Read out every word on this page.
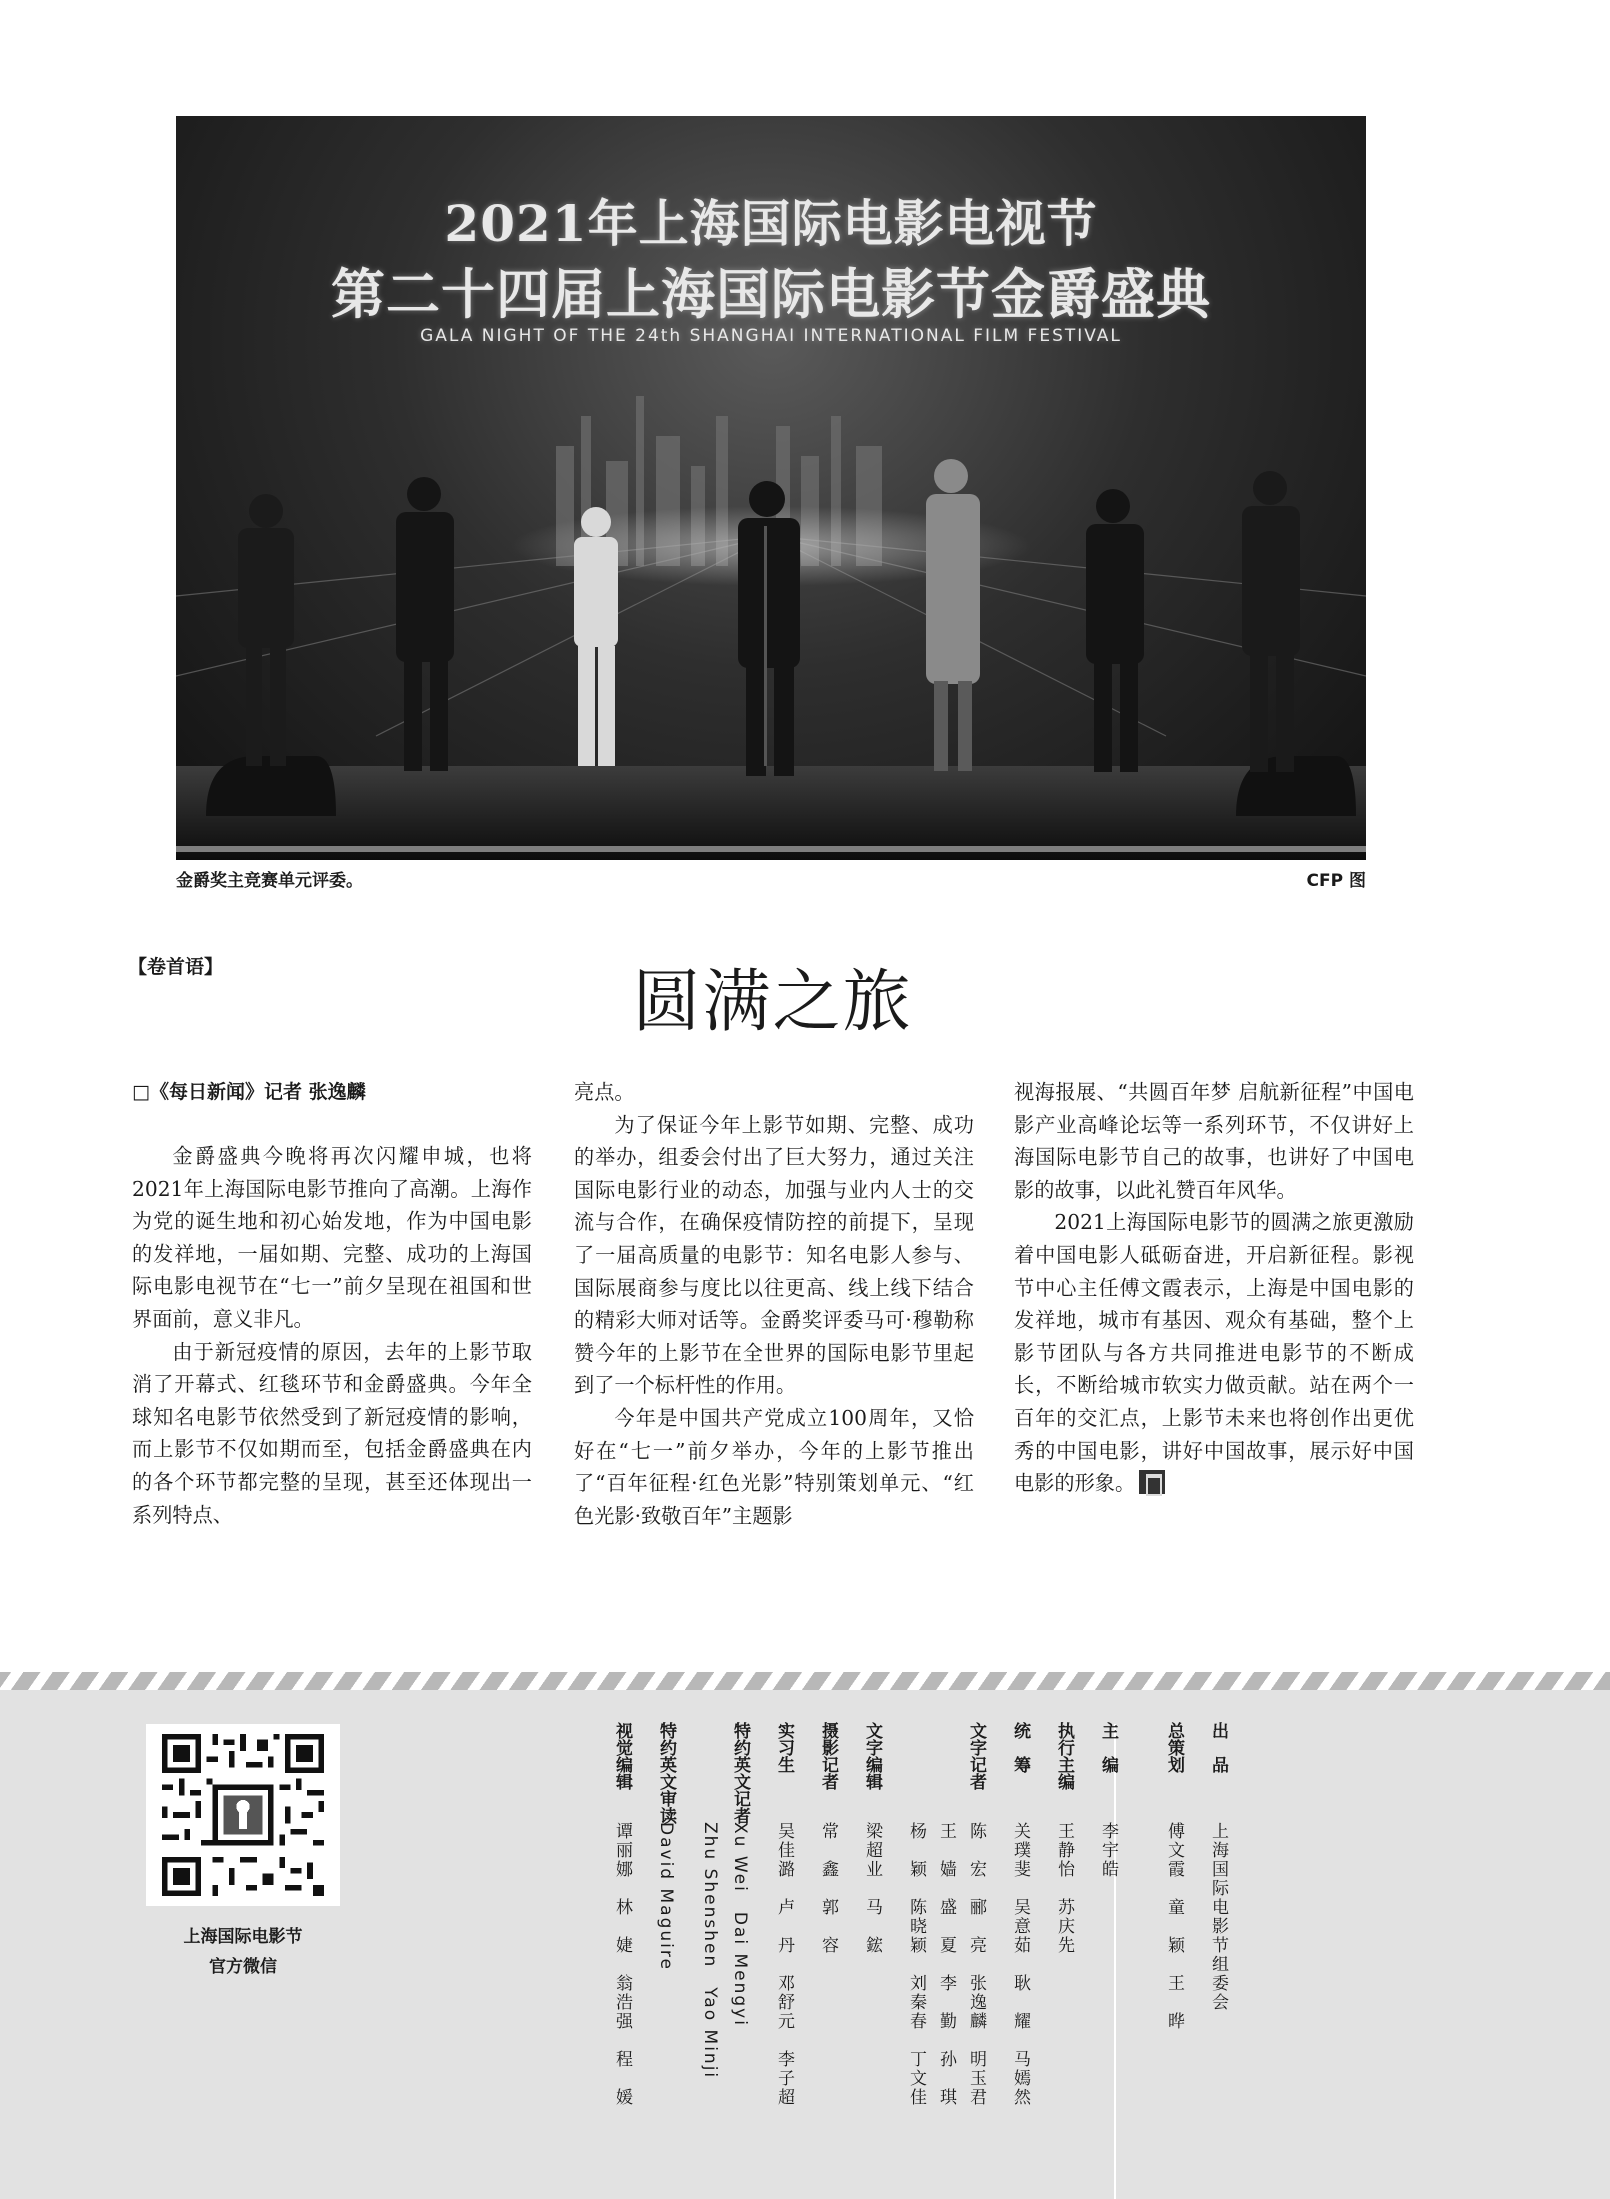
2021年上海国际电影电视节
第二十四届上海国际电影节金爵盛典
GALA NIGHT OF THE 24th SHANGHAI INTERNATIONAL FILM FESTIVAL
金爵奖主竞赛单元评委。	CFP 图
【卷首语】	圆满之旅
□《每日新闻》记者 张逸麟

金爵盛典今晚将再次闪耀申城，也将2021年上海国际电影节推向了高潮。上海作为党的诞生地和初心始发地，作为中国电影的发祥地，一届如期、完整、成功的上海国际电影电视节在“七一”前夕呈现在祖国和世界面前，意义非凡。

由于新冠疫情的原因，去年的上影节取消了开幕式、红毯环节和金爵盛典。今年全球知名电影节依然受到了新冠疫情的影响，而上影节不仅如期而至，包括金爵盛典在内的各个环节都完整的呈现，甚至还体现出一系列特点、

亮点。

为了保证今年上影节如期、完整、成功的举办，组委会付出了巨大努力，通过关注国际电影行业的动态，加强与业内人士的交流与合作，在确保疫情防控的前提下，呈现了一届高质量的电影节：知名电影人参与、国际展商参与度比以往更高、线上线下结合的精彩大师对话等。金爵奖评委马可·穆勒称赞今年的上影节在全世界的国际电影节里起到了一个标杆性的作用。

今年是中国共产党成立100周年，又恰好在“七一”前夕举办，今年的上影节推出了“百年征程·红色光影”特别策划单元、“红色光影·致敬百年”主题影

视海报展、“共圆百年梦 启航新征程”中国电影产业高峰论坛等一系列环节，不仅讲好上海国际电影节自己的故事，也讲好了中国电影的故事，以此礼赞百年风华。

2021上海国际电影节的圆满之旅更激励着中国电影人砥砺奋进，开启新征程。影视节中心主任傅文霞表示，上海是中国电影的发祥地，城市有基因、观众有基础，整个上影节团队与各方共同推进电影节的不断成长，不断给城市软实力做贡献。站在两个一百年的交汇点，上影节未来也将创作出更优秀的中国电影，讲好中国故事，展示好中国电影的形象。

上海国际电影节
官方微信
出　品上海国际电影节组委会
总策划傅文霞　童　颖　王　晔
主　编李宇皓
执行主编王静怡　苏庆先
统　筹关璞斐　吴意茹　耿　耀　马嫣然
文字记者陈　宏　郦　亮　张逸麟　明玉君
王　嫱　盛　夏　李　勤　孙　琪
杨　颖　陈晓颖　刘秦春　丁文佳
文字编辑梁超业　马　鋐
摄影记者常　鑫　郭　容
实习生吴佳潞　卢　丹　邓舒元　李子超
特约英文记者Xu Wei　Dai Mengyi
Zhu Shenshen　Yao Minji
特约英文审读David Maguire
视觉编辑谭丽娜　林　婕　翁浩强　程　媛
